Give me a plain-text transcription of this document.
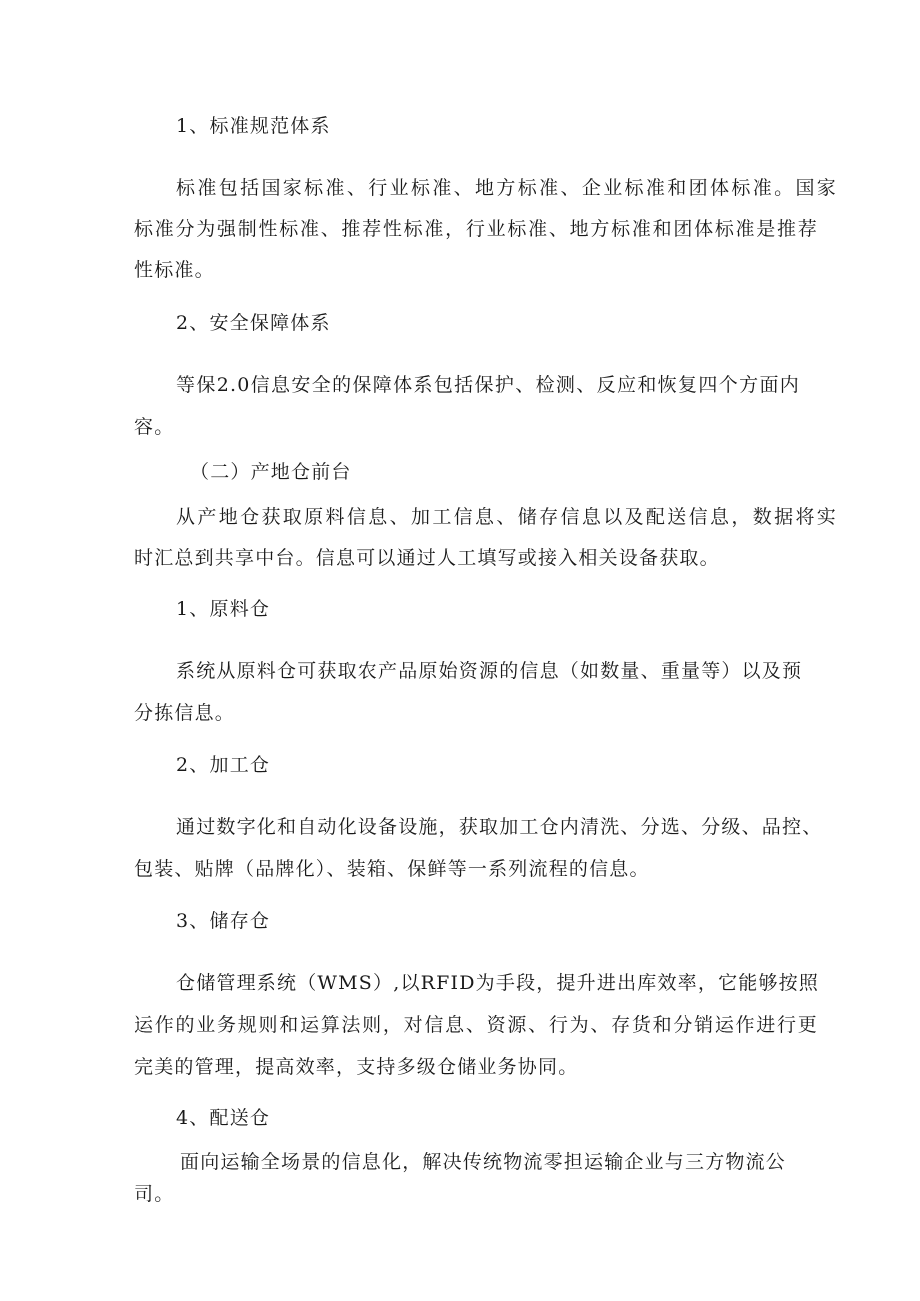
1、标准规范体系
标准包括国家标准、行业标准、地方标准、企业标准和团体标准。国家
标准分为强制性标准、推荐性标准，行业标准、地方标准和团体标准是推荐
性标准。
2、安全保障体系
等保2.0信息安全的保障体系包括保护、检测、反应和恢复四个方面内
容。
（二）产地仓前台
从产地仓获取原料信息、加工信息、储存信息以及配送信息，数据将实
时汇总到共享中台。信息可以通过人工填写或接入相关设备获取。
1、原料仓
系统从原料仓可获取农产品原始资源的信息（如数量、重量等）以及预
分拣信息。
2、加工仓
通过数字化和自动化设备设施，获取加工仓内清洗、分选、分级、品控、
包装、贴牌（品牌化）、装箱、保鲜等一系列流程的信息。
3、储存仓
仓储管理系统（WMS）,以RFID为手段，提升进出库效率，它能够按照
运作的业务规则和运算法则，对信息、资源、行为、存货和分销运作进行更
完美的管理，提高效率，支持多级仓储业务协同。
4、配送仓
面向运输全场景的信息化，解决传统物流零担运输企业与三方物流公
司。
